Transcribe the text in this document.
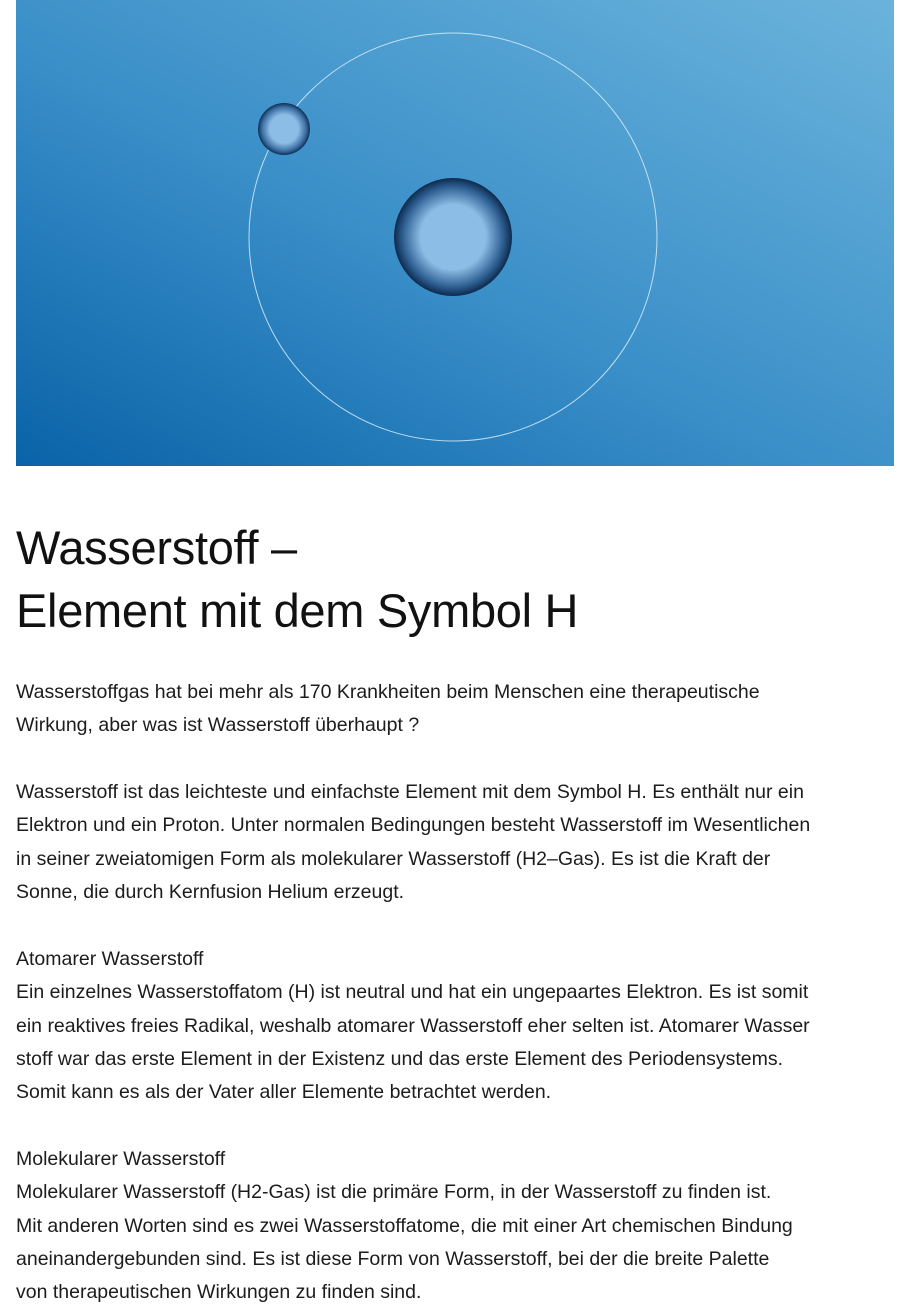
Wasserstoff –
Element mit dem Symbol H
Wasserstoffgas hat bei mehr als 170 Krankheiten beim Menschen eine therapeutische
Wirkung, aber was ist Wasserstoff überhaupt ?
Wasserstoff ist das leichteste und einfachste Element mit dem Symbol H. Es enthält nur ein
Elektron und ein Proton. Unter normalen Bedingungen besteht Wasserstoff im Wesentlichen
in seiner zweiatomigen Form als molekularer Wasserstoff (H2–Gas). Es ist die Kraft der
Sonne, die durch Kernfusion Helium erzeugt.
Atomarer Wasserstoff
Ein einzelnes Wasserstoffatom (H) ist neutral und hat ein ungepaartes Elektron. Es ist somit
ein reaktives freies Radikal, weshalb atomarer Wasserstoff eher selten ist. Atomarer Wasser
stoff war das erste Element in der Existenz und das erste Element des Periodensystems.
Somit kann es als der Vater aller Elemente betrachtet werden.
Molekularer Wasserstoff
Molekularer Wasserstoff (H2-Gas) ist die primäre Form, in der Wasserstoff zu finden ist.
Mit anderen Worten sind es zwei Wasserstoffatome, die mit einer Art chemischen Bindung
aneinandergebunden sind. Es ist diese Form von Wasserstoff, bei der die breite Palette
von therapeutischen Wirkungen zu finden sind.
